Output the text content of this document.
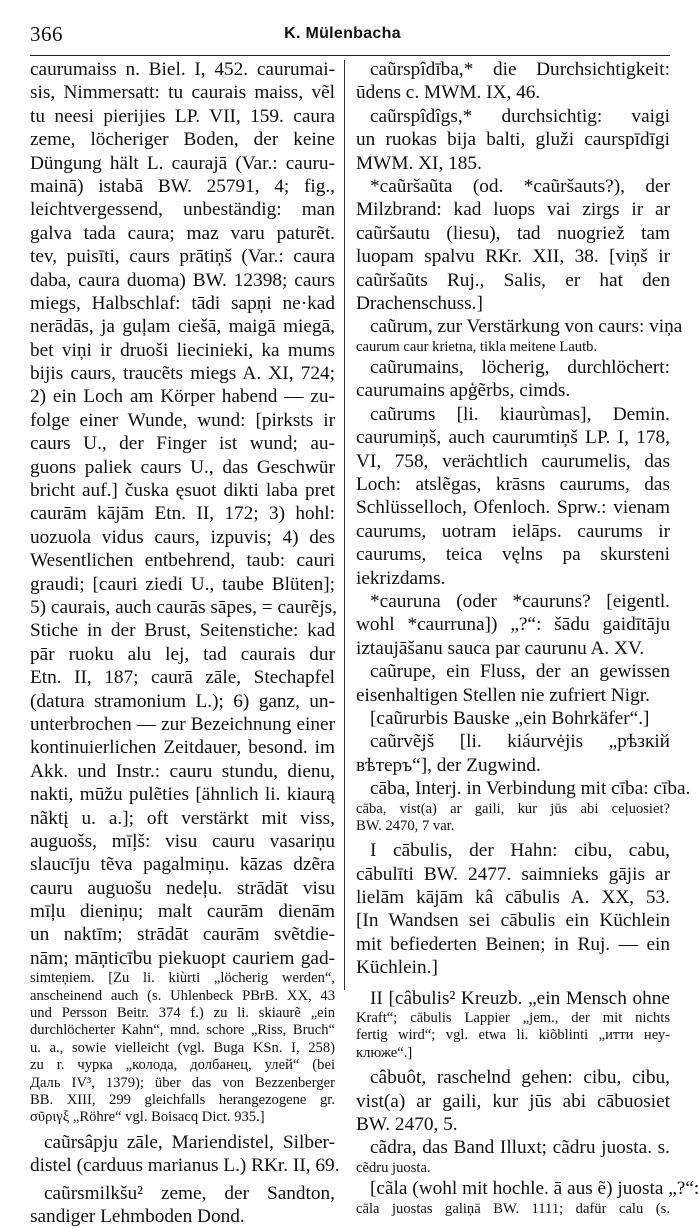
366	K. Mülenbacha
caurumaiss n. Biel. I, 452. caurumai-
sis, Nimmersatt: tu caurais maiss, vẽl
tu neesi pierijies LP. VII, 159. caura
zeme, löcheriger Boden, der keine
Düngung hält L. caurajā (Var.: cauru-
mainā) istabā BW. 25791, 4; fig.,
leichtvergessend, unbeständig: man
galva tada caura; maz varu paturẽt.
tev, puisīti, caurs prātiņš (Var.: caura
daba, caura duoma) BW. 12398; caurs
miegs, Halbschlaf: tādi sapņi ne·kad
nerādās, ja guļam ciešā, maigā miegā,
bet viņi ir druoši liecinieki, ka mums
bijis caurs, traucẽts miegs A. XI, 724;
2) ein Loch am Körper habend — zu-
folge einer Wunde, wund: [pirksts ir
caurs U., der Finger ist wund; au-
guons paliek caurs U., das Geschwür
bricht auf.] čuska ęsuot dikti laba pret
caurām kājām Etn. II, 172; 3) hohl:
uozuola vidus caurs, izpuvis; 4) des
Wesentlichen entbehrend, taub: cauri
graudi; [cauri ziedi U., taube Blüten];
5) caurais, auch caurās sāpes, = caurẽjs,
Stiche in der Brust, Seitenstiche: kad
pār ruoku alu lej, tad caurais dur
Etn. II, 187; caurā zāle, Stechapfel
(datura stramonium L.); 6) ganz, un-
unterbrochen — zur Bezeichnung einer
kontinuierlichen Zeitdauer, besond. im
Akk. und Instr.: cauru stundu, dienu,
nakti, mūžu pulẽties [ähnlich li. kiaurą
nãktį u. a.]; oft verstärkt mit viss,
auguošs, mīļš: visu cauru vasariņu
slaucīju tẽva pagalmiņu. kāzas dzẽra
cauru auguošu nedeļu. strādāt visu
mīļu dieniņu; malt caurām dienām
un naktīm; strādāt caurām svẽtdie-
nām; māņticību piekuopt cauriem gad-
simteņiem. [Zu li. kiùrti „löcherig werden“,
anscheinend auch (s. Uhlenbeck PBrB. XX, 43
und Persson Beitr. 374 f.) zu li. skiaurẽ „ein
durchlöcherter Kahn“, mnd. schore „Riss, Bruch“
u. a., sowie vielleicht (vgl. Bugа KSn. I, 258)
zu r. чурка „колода, долбанец, улей“ (bei
Даль IV³, 1379); über das von Bezzenberger
BB. XIII, 299 gleichfalls herangezogene gr.
σῦριγξ „Röhre“ vgl. Boisacq Dict. 935.]
caũrsâpju zāle, Mariendistel, Silber-
distel (carduus marianus L.) RKr. II, 69.
caũrsmilkšu² zeme, der Sandton,
sandiger Lehmboden Dond.
caũrspîdība,* die Durchsichtigkeit:
ūdens c. MWM. IX, 46.
caũrspîdîgs,* durchsichtig: vaigi
un ruokas bija balti, gluži caurspīdīgi
MWM. XI, 185.
*caũršaũta (od. *caũršauts?), der
Milzbrand: kad luops vai zirgs ir ar
caũršautu (liesu), tad nuogriež tam
luopam spalvu RKr. XII, 38. [viņš ir
caũršaũts Ruj., Salis, er hat den
Drachenschuss.]
caũrum, zur Verstärkung von caurs: viņa
caurum caur krietna, tikla meitene Lautb.
caũrumains, löcherig, durchlöchert:
caurumains apģẽrbs, cimds.
caũrums [li. kiaurùmas], Demin.
caurumiņš, auch caurumtiņš LP. I, 178,
VI, 758, verächtlich caurumelis, das
Loch: atslẽgas, krāsns caurums, das
Schlüsselloch, Ofenloch. Sprw.: vienam
caurums, uotram ielāps. caurums ir
caurums, teica vęlns pa skursteni
iekrizdams.
*cauruna (oder *cauruns? [eigentl.
wohl *caurruna]) „?“: šādu gaidītāju
iztaujāšanu sauca par caurunu A. XV.
caũrupe, ein Fluss, der an gewissen
eisenhaltigen Stellen nie zufriert Nigr.
[caũrurbis Bauske „ein Bohrkäfer“.]
caũrvẽjš [li. kiáurvėjis „рѣзкій
вѣтеръ“], der Zugwind.
cāba, Interj. in Verbindung mit cība: cība.
cāba, vist(a) ar gaili, kur jūs abi ceļuosiet?
BW. 2470, 7 var.
I cābulis, der Hahn: cibu, cabu,
cābulīti BW. 2477. saimnieks gājis ar
lielām kājām kâ cābulis A. XX, 53.
[In Wandsen sei cābulis ein Küchlein
mit befiederten Beinen; in Ruj. — ein
Küchlein.]
II [câbulis² Kreuzb. „ein Mensch ohne
Kraft“; cābulis Lappier „jem., der mit nichts
fertig wird“; vgl. etwa li. kiõblinti „итти неу-
клюже“.]
câbuôt, raschelnd gehen: cibu, cibu,
vist(a) ar gaili, kur jūs abi cābuosiet
BW. 2470, 5.
cãdra, das Band Illuxt; cãdru juosta. s.
cẽdru juosta.
[cãla (wohl mit hochle. ā aus ẽ) juosta „?“:
cāla juostas galiņā BW. 1111; dafür calu (s.
